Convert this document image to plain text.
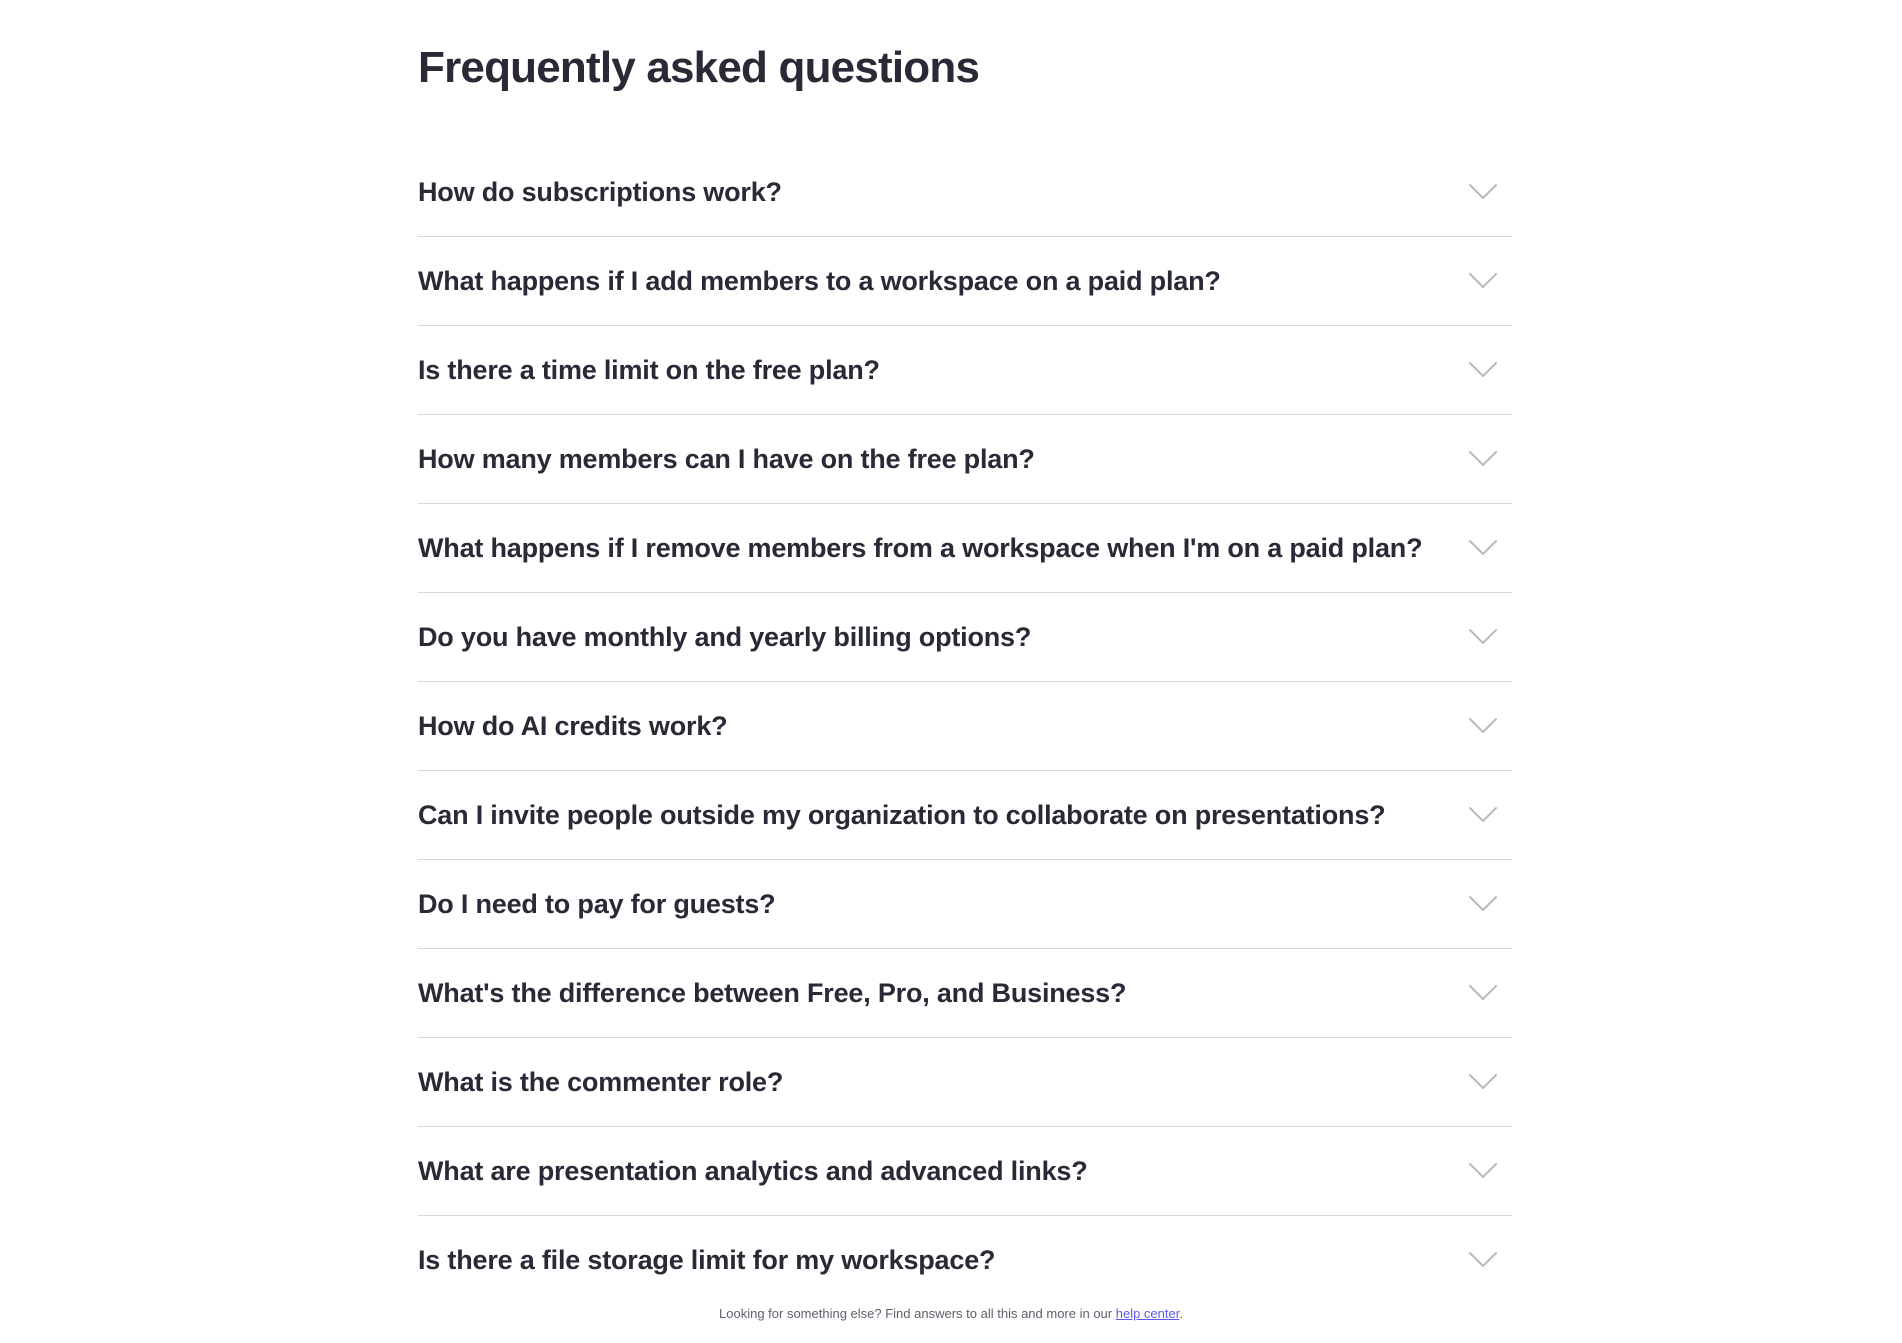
Frequently asked questions
How do subscriptions work?
What happens if I add members to a workspace on a paid plan?
Is there a time limit on the free plan?
How many members can I have on the free plan?
What happens if I remove members from a workspace when I'm on a paid plan?
Do you have monthly and yearly billing options?
How do AI credits work?
Can I invite people outside my organization to collaborate on presentations?
Do I need to pay for guests?
What's the difference between Free, Pro, and Business?
What is the commenter role?
What are presentation analytics and advanced links?
Is there a file storage limit for my workspace?
Looking for something else? Find answers to all this and more in our help center.
